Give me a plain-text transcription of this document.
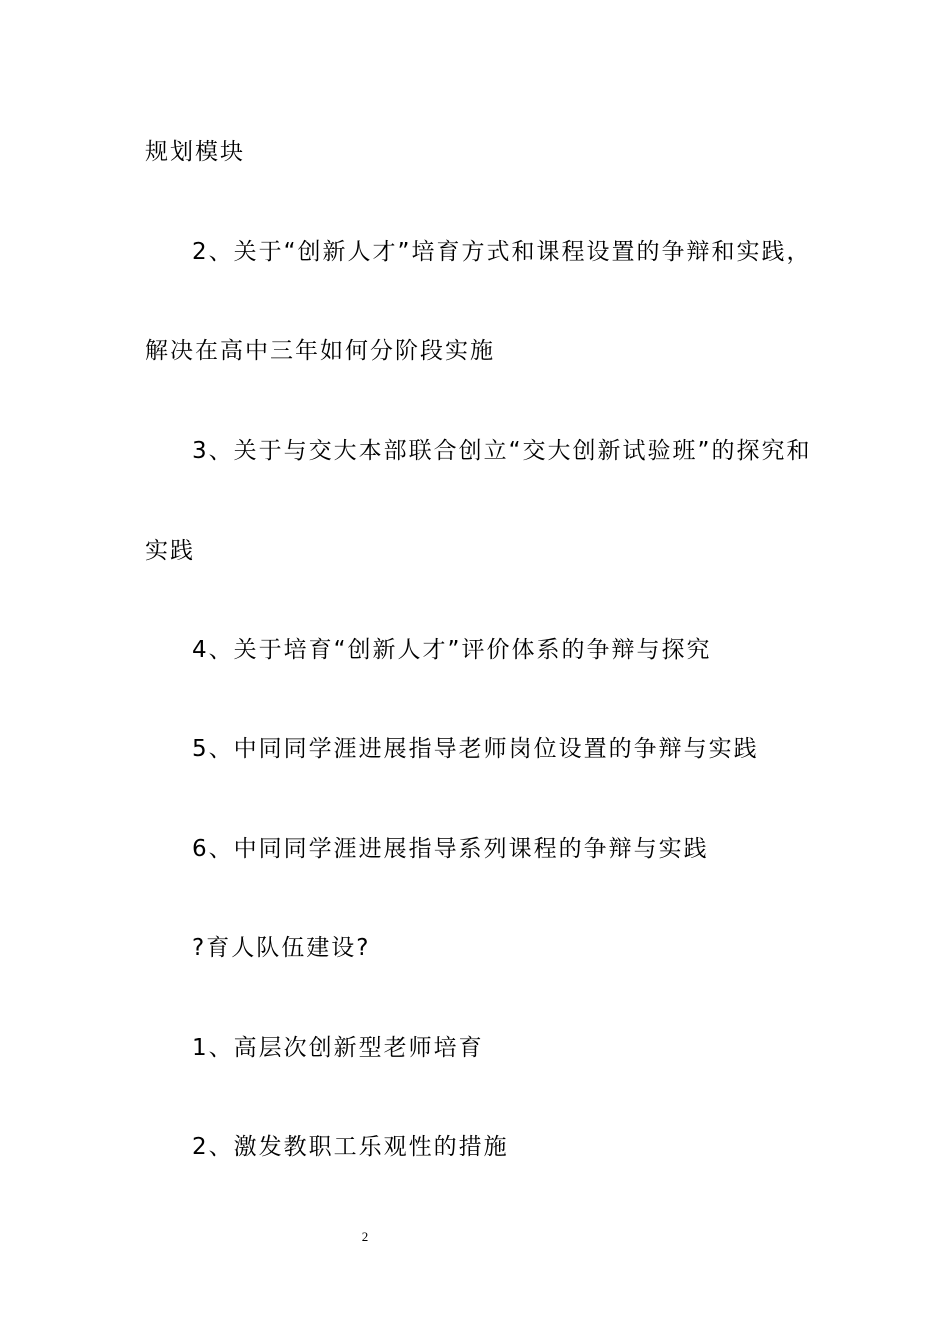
规划模块
2、关于“创新人才”培育方式和课程设置的争辩和实践，
解决在高中三年如何分阶段实施
3、关于与交大本部联合创立“交大创新试验班”的探究和
实践
4、关于培育“创新人才”评价体系的争辩与探究
5、中同同学涯进展指导老师岗位设置的争辩与实践
6、中同同学涯进展指导系列课程的争辩与实践
?育人队伍建设?
1、高层次创新型老师培育
2、激发教职工乐观性的措施
2
